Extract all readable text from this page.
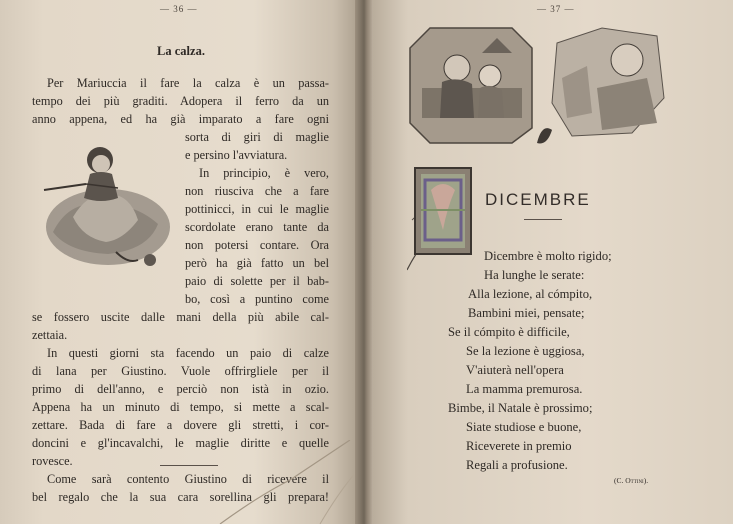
— 36 —
La calza.
Per Mariuccia il fare la calza è un passa-
tempo dei più graditi. Adopera il ferro da un
anno appena, ed ha già imparato a fare ogni
sorta di giri di maglie
e persino l'avviatura.
In principio, è vero,
non riusciva che a fare
pottinicci, in cui le maglie
scordolate erano tante da
non potersi contare. Ora
però ha già fatto un bel
paio di solette per il bab-
bo, così a puntino come
se fossero uscite dalle mani della più abile cal-
zettaia.
In questi giorni sta facendo un paio di calze
di lana per Giustino. Vuole offrirgliele per il
primo di dell'anno, e perciò non istà in ozio.
Appena ha un minuto di tempo, si mette a scal-
zettare. Bada di fare a dovere gli stretti, i cor-
doncini e gl'incavalchi, le maglie diritte e quelle
rovesce.
Come sarà contento Giustino di ricevere il
bel regalo che la sua cara sorellina gli prepara!
— 37 —
DICEMBRE
Dicembre è molto rigido;
Ha lunghe le serate:
Alla lezione, al cómpito,
Bambini miei, pensate;
Se il cómpito è difficile,
Se la lezione è uggiosa,
V'aiuterà nell'opera
La mamma premurosa.
Bimbe, il Natale è prossimo;
Siate studiose e buone,
Riceverete in premio
Regali a profusione.
(C. Ottini).
